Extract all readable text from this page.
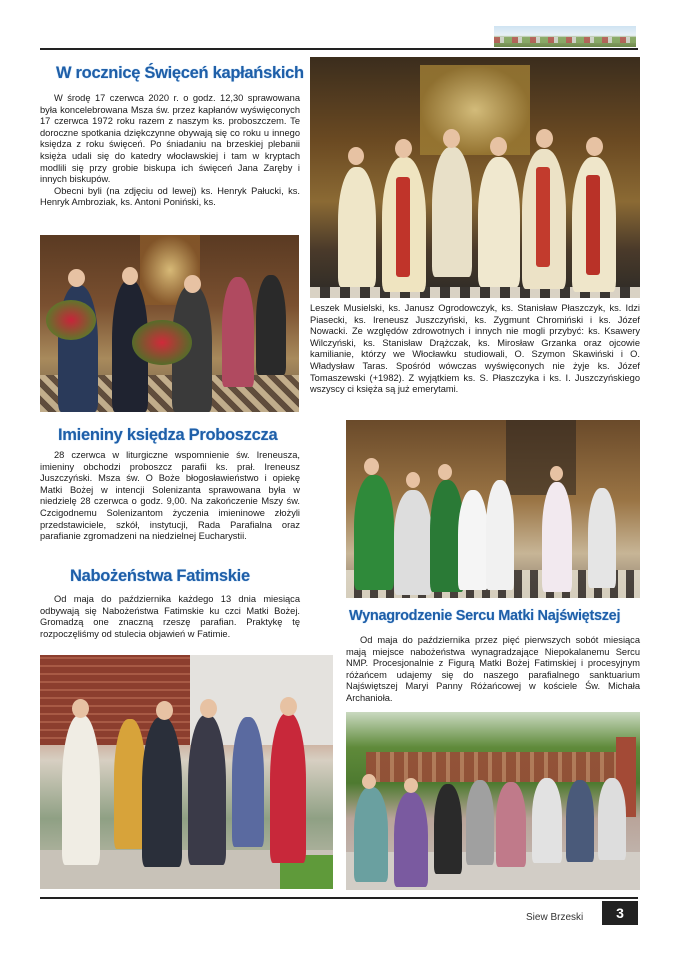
W rocznicę Święceń kapłańskich

W środę 17 czerwca 2020 r. o godz. 12,30 sprawowana była koncelebrowana Msza św. przez kapłanów wyświęconych 17 czerwca 1972 roku razem z naszym ks. proboszczem. Te doroczne spotkania dziękczynne obywają się co roku u innego księdza z roku święceń. Po śniadaniu na brzeskiej plebanii księża udali się do katedry włocławskiej i tam w kryptach modlili się przy grobie biskupa ich święceń Jana Zaręby i innych biskupów.

Obecni byli (na zdjęciu od lewej) ks. Henryk Pałucki, ks. Henryk Ambroziak, ks. Antoni Poniński, ks.

Leszek Musielski, ks. Janusz Ogrodowczyk, ks. Stanisław Płaszczyk, ks. Idzi Piasecki, ks. Ireneusz Juszczyński, ks. Zygmunt Chromiński i ks. Józef Nowacki. Ze względów zdrowotnych i innych nie mogli przybyć: ks. Ksawery Wilczyński, ks. Stanisław Drążczak, ks. Mirosław Grzanka oraz ojcowie kamilianie, którzy we Włocławku studiowali, O. Szymon Skawiński i O. Władysław Taras. Spośród wówczas wyświęconych nie żyje ks. Józef Tomaszewski (+1982). Z wyjątkiem ks. S. Płaszczyka i ks. I. Juszczyńskiego wszyscy ci księża są już emerytami.

Imieniny księdza Proboszcza

28 czerwca w liturgiczne wspomnienie św. Ireneusza, imieniny obchodzi proboszcz parafii ks. prał. Ireneusz Juszczyński. Msza św. O Boże błogosławieństwo i opiekę Matki Bożej w intencji Solenizanta sprawowana była w niedzielę 28 czerwca o godz. 9,00. Na zakończenie Mszy św. Czcigodnemu Solenizantom życzenia imieninowe złożyli przedstawiciele, szkół, instytucji, Rada Parafialna oraz parafianie zgromadzeni na niedzielnej Eucharystii.

Nabożeństwa Fatimskie

Od maja do października każdego 13 dnia miesiąca odbywają się Nabożeństwa Fatimskie ku czci Matki Bożej. Gromadzą one znaczną rzeszę parafian. Praktykę tę rozpoczęliśmy od stulecia objawień w Fatimie.

Wynagrodzenie Sercu Matki Najświętszej

Od maja do października przez pięć pierwszych sobót miesiąca mają miejsce nabożeństwa wynagradzające Niepokalanemu Sercu NMP. Procesjonalnie z Figurą Matki Bożej Fatimskiej i procesyjnym różańcem udajemy się do naszego parafialnego sanktuarium Najświętszej Maryi Panny Różańcowej w kościele Św. Michała Archanioła.

Siew Brzeski	3
